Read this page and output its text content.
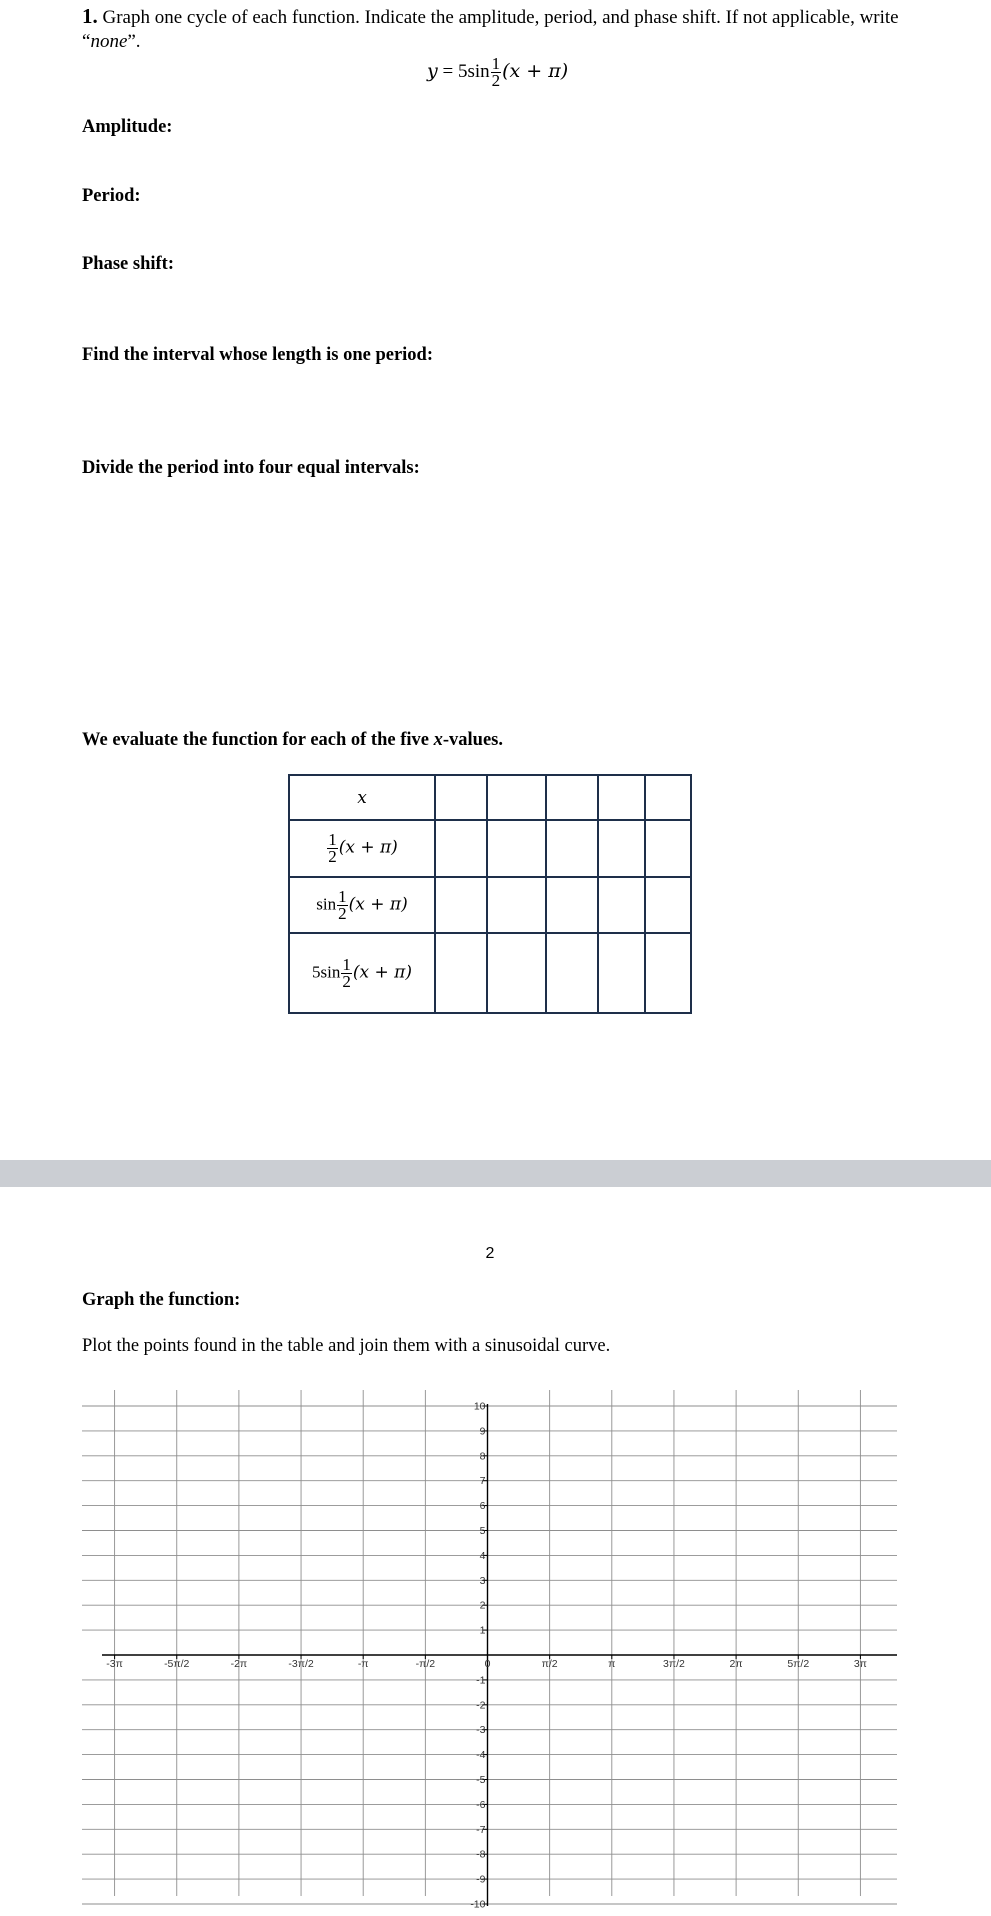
1. Graph one cycle of each function. Indicate the amplitude, period, and phase shift. If not applicable, write “none”.
$y = 5\sin \frac{1}{2} (x + \pi)$
Amplitude:
Period:
Phase shift:
Find the interval whose length is one period:
Divide the period into four equal intervals:
We evaluate the function for each of the five x-values.
x					

$\frac{1}{2} (x + \pi)$					
$\sin \frac{1}{2} (x + \pi)$					
$5\sin \frac{1}{2} (x + \pi)$					
2
Graph the function:
Plot the points found in the table and join them with a sinusoidal curve.
10
9
8
7
6
5
4
3
2
1
-1
-2
-3
-4
-5
-6
-7
-8
-9
-10
-3π	-5π/2	-2π	-3π/2	-π	-π/2	0	π/2	π	3π/2	2π	5π/2	3π
